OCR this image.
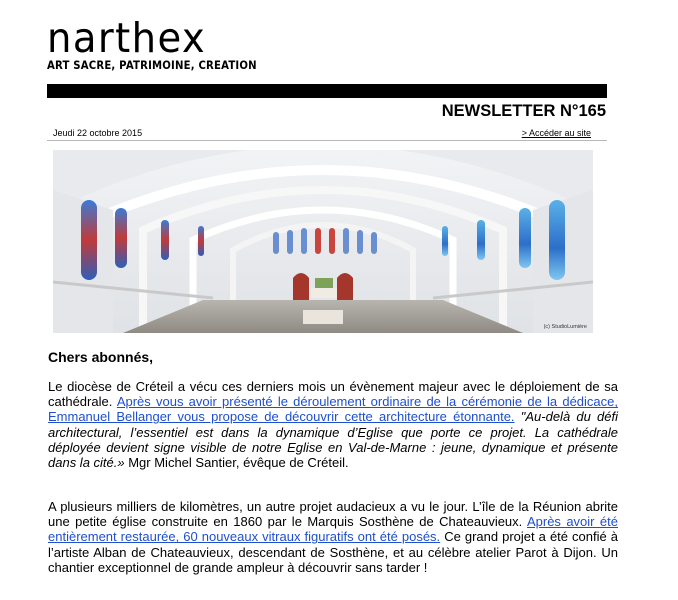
narthex
ART SACRE, PATRIMOINE, CREATION
NEWSLETTER N°165
Jeudi 22 octobre 2015	> Accéder au site
(c) StudioLumière
Chers abonnés,
Le diocèse de Créteil a vécu ces derniers mois un évènement majeur avec le déploiement de sa cathédrale. Après vous avoir présenté le déroulement ordinaire de la cérémonie de la dédicace, Emmanuel Bellanger vous propose de découvrir cette architecture étonnante. "Au-delà du défi architectural, l’essentiel est dans la dynamique d’Eglise que porte ce projet. La cathédrale déployée devient signe visible de notre Eglise en Val-de-Marne : jeune, dynamique et présente dans la cité.» Mgr Michel Santier, évêque de Créteil.
A plusieurs milliers de kilomètres, un autre projet audacieux a vu le jour. L’île de la Réunion abrite une petite église construite en 1860 par le Marquis Sosthène de Chateauvieux. Après avoir été entièrement restaurée, 60 nouveaux vitraux figuratifs ont été posés. Ce grand projet a été confié à l’artiste Alban de Chateauvieux, descendant de Sosthène, et au célèbre atelier Parot à Dijon. Un chantier exceptionnel de grande ampleur à découvrir sans tarder !
